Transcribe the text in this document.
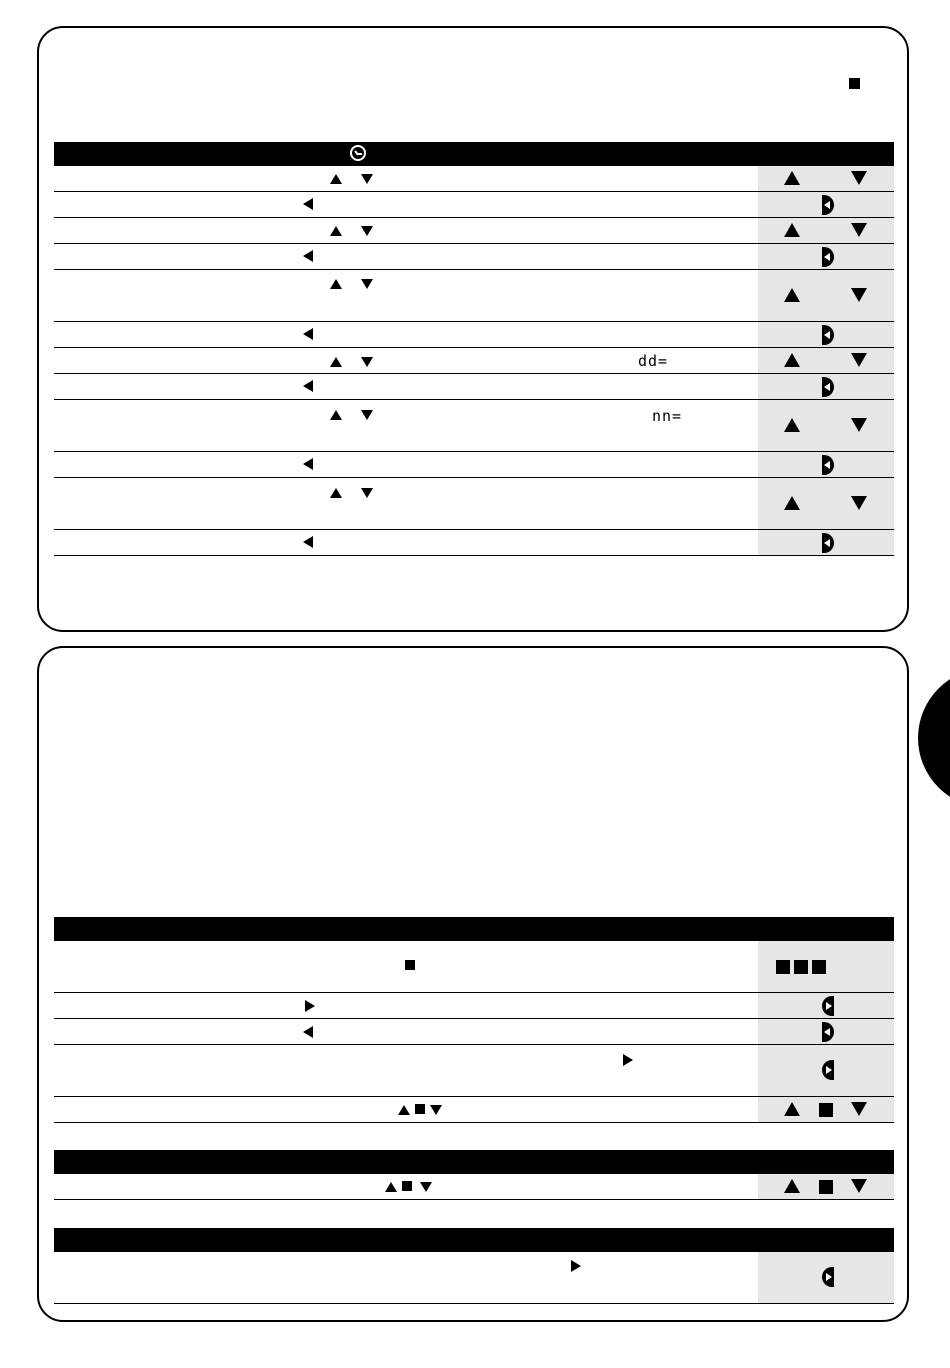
dd=
nn=
